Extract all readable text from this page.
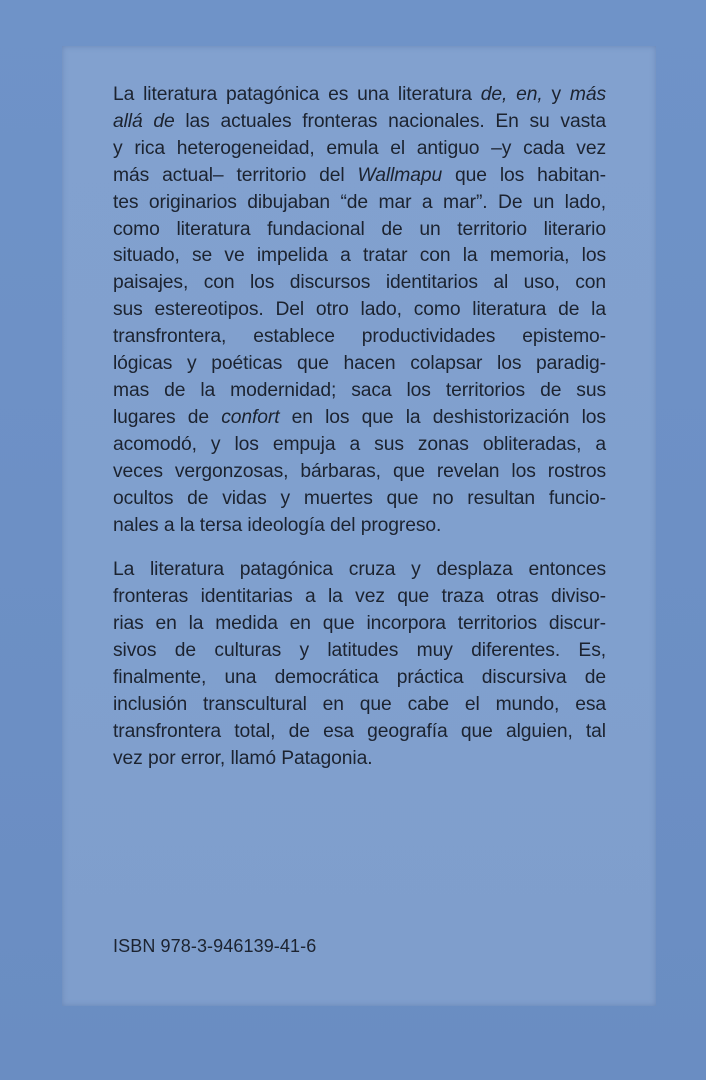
La literatura patagónica es una literatura de, en, y más
allá de las actuales fronteras nacionales. En su vasta
y rica heterogeneidad, emula el antiguo –y cada vez
más actual– territorio del Wallmapu que los habitan-
tes originarios dibujaban “de mar a mar”. De un lado,
como literatura fundacional de un territorio literario
situado, se ve impelida a tratar con la memoria, los
paisajes, con los discursos identitarios al uso, con
sus estereotipos. Del otro lado, como literatura de la
transfrontera, establece productividades epistemo-
lógicas y poéticas que hacen colapsar los paradig-
mas de la modernidad; saca los territorios de sus
lugares de confort en los que la deshistorización los
acomodó, y los empuja a sus zonas obliteradas, a
veces vergonzosas, bárbaras, que revelan los rostros
ocultos de vidas y muertes que no resultan funcio-
nales a la tersa ideología del progreso.

La literatura patagónica cruza y desplaza entonces
fronteras identitarias a la vez que traza otras diviso-
rias en la medida en que incorpora territorios discur-
sivos de culturas y latitudes muy diferentes. Es,
finalmente, una democrática práctica discursiva de
inclusión transcultural en que cabe el mundo, esa
transfrontera total, de esa geografía que alguien, tal
vez por error, llamó Patagonia.

ISBN 978-3-946139-41-6
